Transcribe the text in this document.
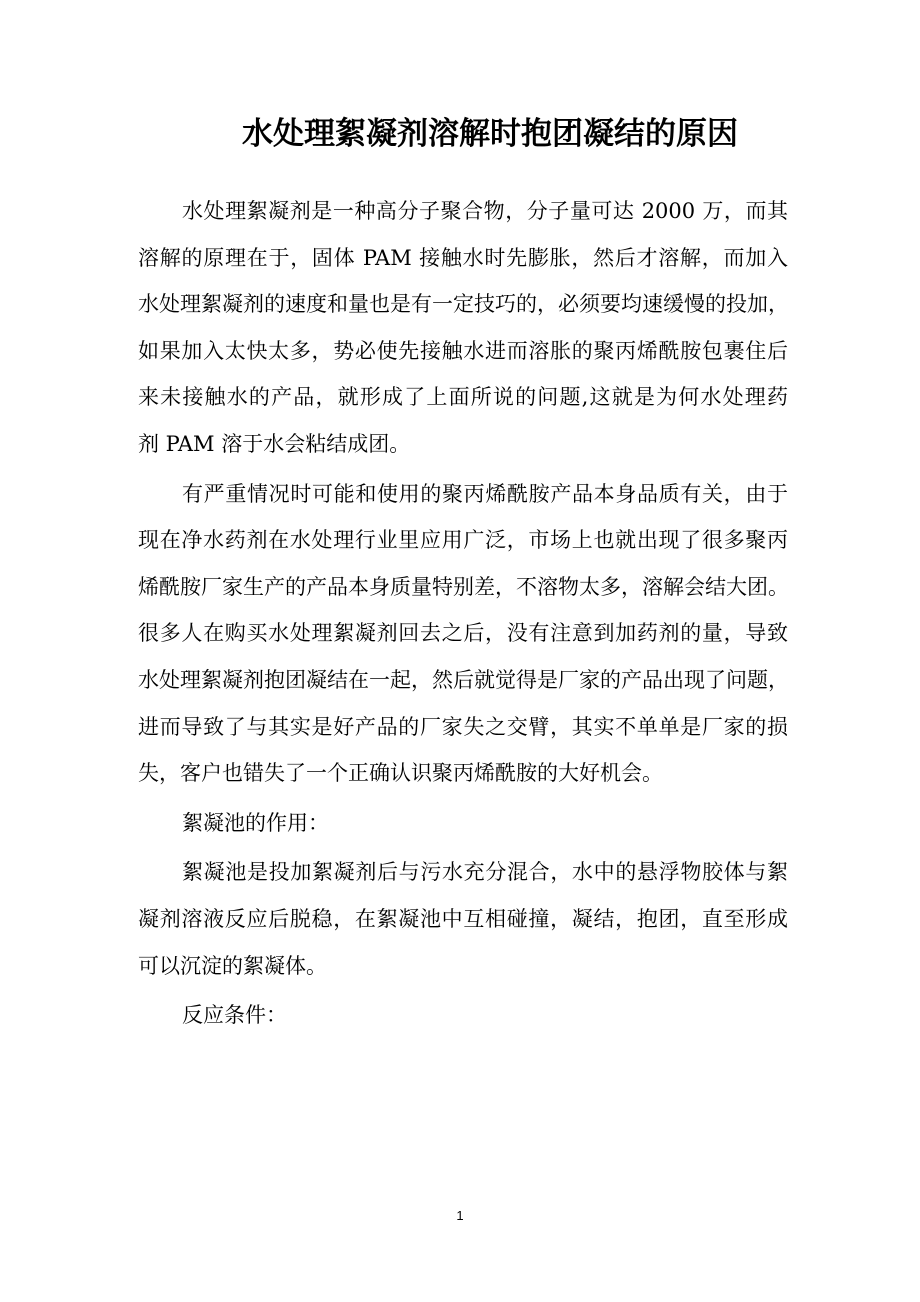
水处理絮凝剂溶解时抱团凝结的原因
水处理絮凝剂是一种高分子聚合物，分子量可达 2000 万，而其
溶解的原理在于，固体 PAM 接触水时先膨胀，然后才溶解，而加入
水处理絮凝剂的速度和量也是有一定技巧的，必须要均速缓慢的投加，
如果加入太快太多，势必使先接触水进而溶胀的聚丙烯酰胺包裹住后
来未接触水的产品，就形成了上面所说的问题,这就是为何水处理药
剂 PAM 溶于水会粘结成团。
有严重情况时可能和使用的聚丙烯酰胺产品本身品质有关，由于
现在净水药剂在水处理行业里应用广泛，市场上也就出现了很多聚丙
烯酰胺厂家生产的产品本身质量特别差，不溶物太多，溶解会结大团。
很多人在购买水处理絮凝剂回去之后，没有注意到加药剂的量，导致
水处理絮凝剂抱团凝结在一起，然后就觉得是厂家的产品出现了问题，
进而导致了与其实是好产品的厂家失之交臂，其实不单单是厂家的损
失，客户也错失了一个正确认识聚丙烯酰胺的大好机会。
絮凝池的作用：
絮凝池是投加絮凝剂后与污水充分混合，水中的悬浮物胶体与絮
凝剂溶液反应后脱稳，在絮凝池中互相碰撞，凝结，抱团，直至形成
可以沉淀的絮凝体。
反应条件：
1
